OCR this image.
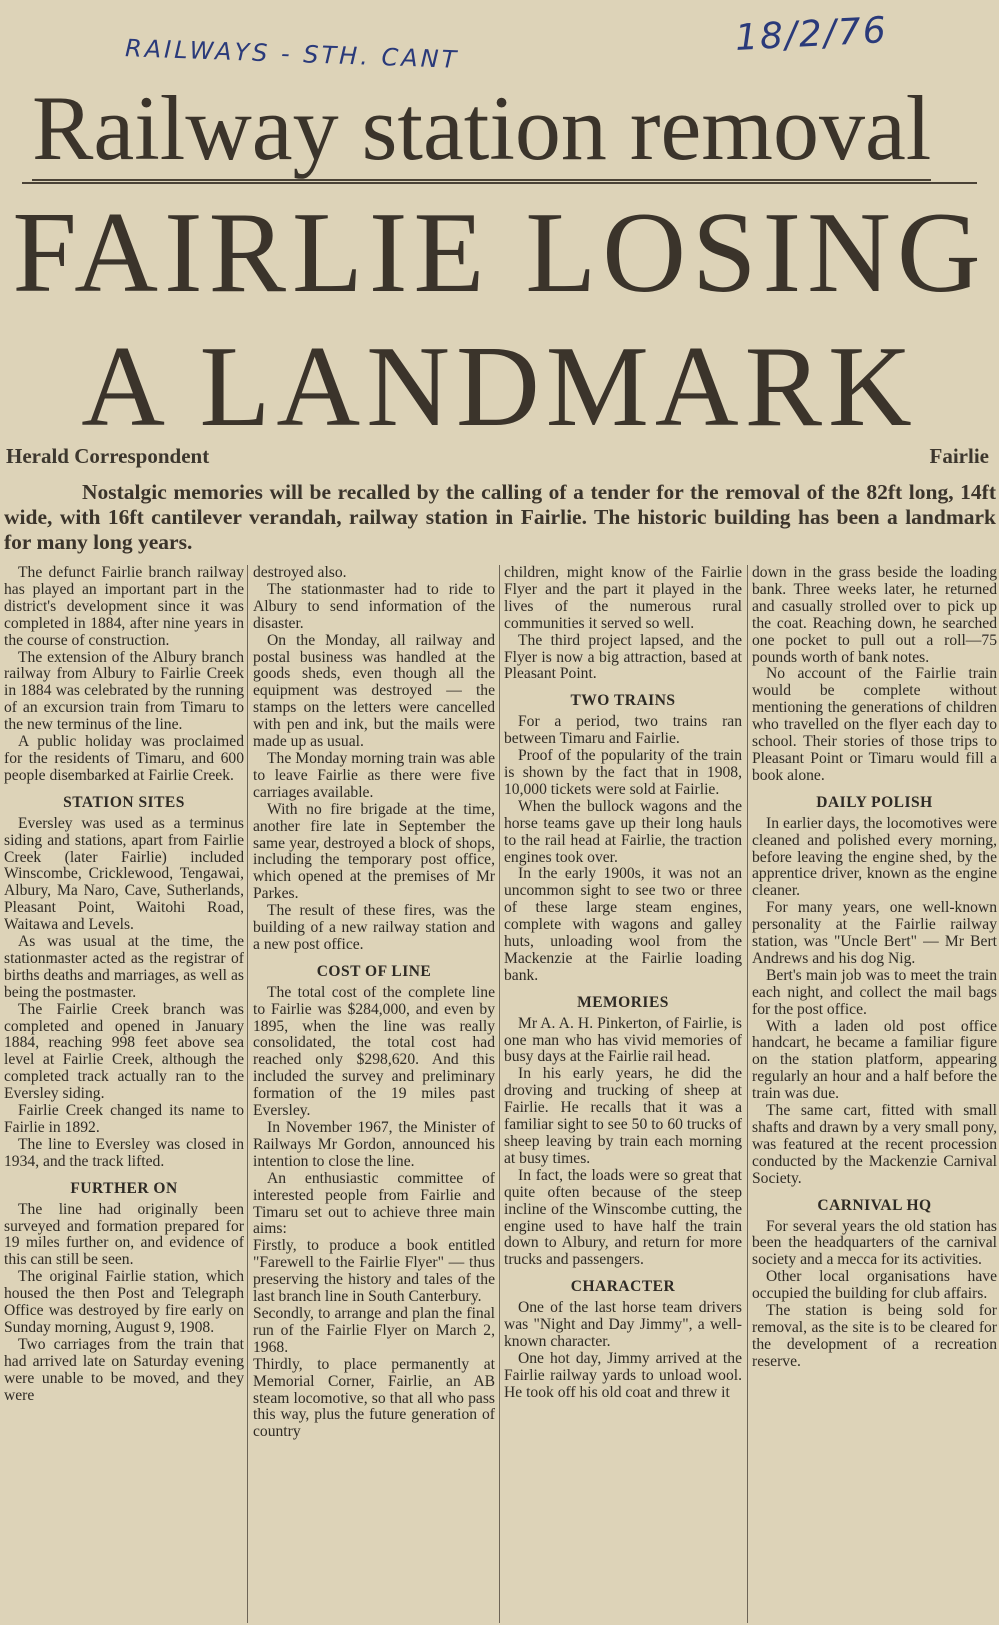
RAILWAYS - STH. CANT	18/2/76
Railway station removal
FAIRLIE LOSING
A LANDMARK
Herald Correspondent	Fairlie
Nostalgic memories will be recalled by the calling of a tender for the removal of the 82ft long, 14ft wide, with 16ft cantilever verandah, railway station in Fairlie. The historic building has been a landmark for many long years.

The defunct Fairlie branch railway has played an important part in the district's development since it was completed in 1884, after nine years in the course of construction.

The extension of the Albury branch railway from Albury to Fairlie Creek in 1884 was celebrated by the running of an excursion train from Timaru to the new terminus of the line.

A public holiday was proclaimed for the residents of Timaru, and 600 people disembarked at Fairlie Creek.

STATION SITES

Eversley was used as a terminus siding and stations, apart from Fairlie Creek (later Fairlie) included Winscombe, Cricklewood, Tengawai, Albury, Ma Naro, Cave, Sutherlands, Pleasant Point, Waitohi Road, Waitawa and Levels.

As was usual at the time, the stationmaster acted as the registrar of births deaths and marriages, as well as being the postmaster.

The Fairlie Creek branch was completed and opened in January 1884, reaching 998 feet above sea level at Fairlie Creek, although the completed track actually ran to the Eversley siding.

Fairlie Creek changed its name to Fairlie in 1892.

The line to Eversley was closed in 1934, and the track lifted.

FURTHER ON

The line had originally been surveyed and formation prepared for 19 miles further on, and evidence of this can still be seen.

The original Fairlie station, which housed the then Post and Telegraph Office was destroyed by fire early on Sunday morning, August 9, 1908.

Two carriages from the train that had arrived late on Saturday evening were unable to be moved, and they were

destroyed also.

The stationmaster had to ride to Albury to send information of the disaster.

On the Monday, all railway and postal business was handled at the goods sheds, even though all the equipment was destroyed — the stamps on the letters were cancelled with pen and ink, but the mails were made up as usual.

The Monday morning train was able to leave Fairlie as there were five carriages available.

With no fire brigade at the time, another fire late in September the same year, destroyed a block of shops, including the temporary post office, which opened at the premises of Mr Parkes.

The result of these fires, was the building of a new railway station and a new post office.

COST OF LINE

The total cost of the complete line to Fairlie was $284,000, and even by 1895, when the line was really consolidated, the total cost had reached only $298,620. And this included the survey and preliminary formation of the 19 miles past Eversley.

In November 1967, the Minister of Railways Mr Gordon, announced his intention to close the line.

An enthusiastic committee of interested people from Fairlie and Timaru set out to achieve three main aims:

Firstly, to produce a book entitled "Farewell to the Fairlie Flyer" — thus preserving the history and tales of the last branch line in South Canterbury.

Secondly, to arrange and plan the final run of the Fairlie Flyer on March 2, 1968.

Thirdly, to place permanently at Memorial Corner, Fairlie, an AB steam locomotive, so that all who pass this way, plus the future generation of country

children, might know of the Fairlie Flyer and the part it played in the lives of the numerous rural communities it served so well.

The third project lapsed, and the Flyer is now a big attraction, based at Pleasant Point.

TWO TRAINS

For a period, two trains ran between Timaru and Fairlie.

Proof of the popularity of the train is shown by the fact that in 1908, 10,000 tickets were sold at Fairlie.

When the bullock wagons and the horse teams gave up their long hauls to the rail head at Fairlie, the traction engines took over.

In the early 1900s, it was not an uncommon sight to see two or three of these large steam engines, complete with wagons and galley huts, unloading wool from the Mackenzie at the Fairlie loading bank.

MEMORIES

Mr A. A. H. Pinkerton, of Fairlie, is one man who has vivid memories of busy days at the Fairlie rail head.

In his early years, he did the droving and trucking of sheep at Fairlie. He recalls that it was a familiar sight to see 50 to 60 trucks of sheep leaving by train each morning at busy times.

In fact, the loads were so great that quite often because of the steep incline of the Winscombe cutting, the engine used to have half the train down to Albury, and return for more trucks and passengers.

CHARACTER

One of the last horse team drivers was "Night and Day Jimmy", a well-known character.

One hot day, Jimmy arrived at the Fairlie railway yards to unload wool. He took off his old coat and threw it

down in the grass beside the loading bank. Three weeks later, he returned and casually strolled over to pick up the coat. Reaching down, he searched one pocket to pull out a roll—75 pounds worth of bank notes.

No account of the Fairlie train would be complete without mentioning the generations of children who travelled on the flyer each day to school. Their stories of those trips to Pleasant Point or Timaru would fill a book alone.

DAILY POLISH

In earlier days, the locomotives were cleaned and polished every morning, before leaving the engine shed, by the apprentice driver, known as the engine cleaner.

For many years, one well-known personality at the Fairlie railway station, was "Uncle Bert" — Mr Bert Andrews and his dog Nig.

Bert's main job was to meet the train each night, and collect the mail bags for the post office.

With a laden old post office handcart, he became a familiar figure on the station platform, appearing regularly an hour and a half before the train was due.

The same cart, fitted with small shafts and drawn by a very small pony, was featured at the recent procession conducted by the Mackenzie Carnival Society.

CARNIVAL HQ

For several years the old station has been the headquarters of the carnival society and a mecca for its activities.

Other local organisations have occupied the building for club affairs.

The station is being sold for removal, as the site is to be cleared for the development of a recreation reserve.
